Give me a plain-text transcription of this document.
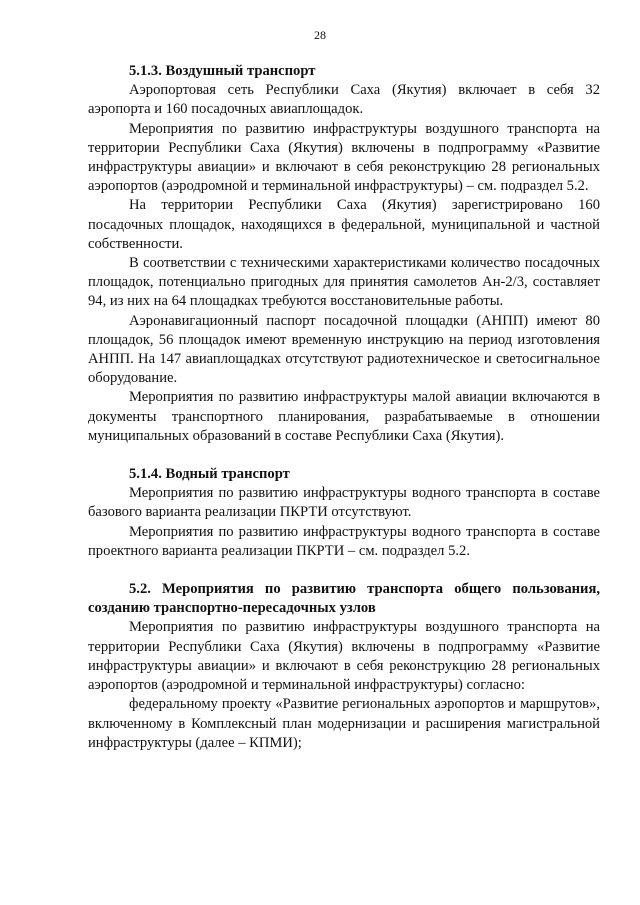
28

5.1.3. Воздушный транспорт

Аэропортовая сеть Республики Саха (Якутия) включает в себя 32 аэропорта и 160 посадочных авиаплощадок.

Мероприятия по развитию инфраструктуры воздушного транспорта на территории Республики Саха (Якутия) включены в подпрограмму «Развитие инфраструктуры авиации» и включают в себя реконструкцию 28 региональных аэропортов (аэродромной и терминальной инфраструктуры) – см. подраздел 5.2.

На территории Республики Саха (Якутия) зарегистрировано 160 посадочных площадок, находящихся в федеральной, муниципальной и частной собственности.

В соответствии с техническими характеристиками количество посадочных площадок, потенциально пригодных для принятия самолетов Ан-2/3, составляет 94, из них на 64 площадках требуются восстановительные работы.

Аэронавигационный паспорт посадочной площадки (АНПП) имеют 80 площадок, 56 площадок имеют временную инструкцию на период изготовления АНПП. На 147 авиаплощадках отсутствуют радиотехническое и светосигнальное оборудование.

Мероприятия по развитию инфраструктуры малой авиации включаются в документы транспортного планирования, разрабатываемые в отношении муниципальных образований в составе Республики Саха (Якутия).

5.1.4. Водный транспорт

Мероприятия по развитию инфраструктуры водного транспорта в составе базового варианта реализации ПКРТИ отсутствуют.

Мероприятия по развитию инфраструктуры водного транспорта в составе проектного варианта реализации ПКРТИ – см. подраздел 5.2.

5.2. Мероприятия по развитию транспорта общего пользования, созданию транспортно-пересадочных узлов

Мероприятия по развитию инфраструктуры воздушного транспорта на территории Республики Саха (Якутия) включены в подпрограмму «Развитие инфраструктуры авиации» и включают в себя реконструкцию 28 региональных аэропортов (аэродромной и терминальной инфраструктуры) согласно:

федеральному проекту «Развитие региональных аэропортов и маршрутов», включенному в Комплексный план модернизации и расширения магистральной инфраструктуры (далее – КПМИ);
